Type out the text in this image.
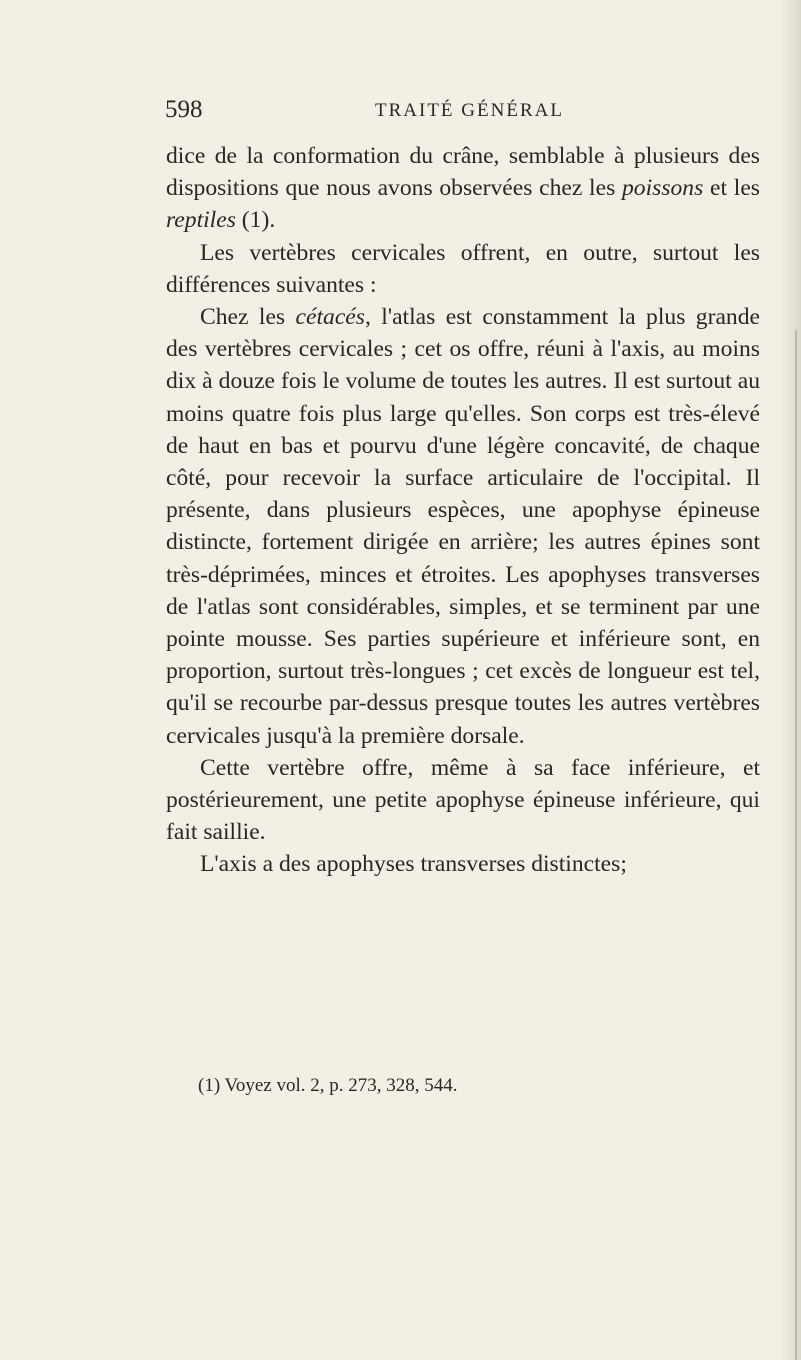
598	TRAITÉ GÉNÉRAL

dice de la conformation du crâne, semblable à plusieurs des dispositions que nous avons observées chez les poissons et les reptiles (1).

Les vertèbres cervicales offrent, en outre, surtout les différences suivantes :

Chez les cétacés, l'atlas est constamment la plus grande des vertèbres cervicales ; cet os offre, réuni à l'axis, au moins dix à douze fois le volume de toutes les autres. Il est surtout au moins quatre fois plus large qu'elles. Son corps est très-élevé de haut en bas et pourvu d'une légère concavité, de chaque côté, pour recevoir la surface articulaire de l'occipital. Il présente, dans plusieurs espèces, une apophyse épineuse distincte, fortement dirigée en arrière; les autres épines sont très-déprimées, minces et étroites. Les apophyses transverses de l'atlas sont considérables, simples, et se terminent par une pointe mousse. Ses parties supérieure et inférieure sont, en proportion, surtout très-longues ; cet excès de longueur est tel, qu'il se recourbe par-dessus presque toutes les autres vertèbres cervicales jusqu'à la première dorsale.

Cette vertèbre offre, même à sa face inférieure, et postérieurement, une petite apophyse épineuse inférieure, qui fait saillie.

L'axis a des apophyses transverses distinctes;

(1) Voyez vol. 2, p. 273, 328, 544.
